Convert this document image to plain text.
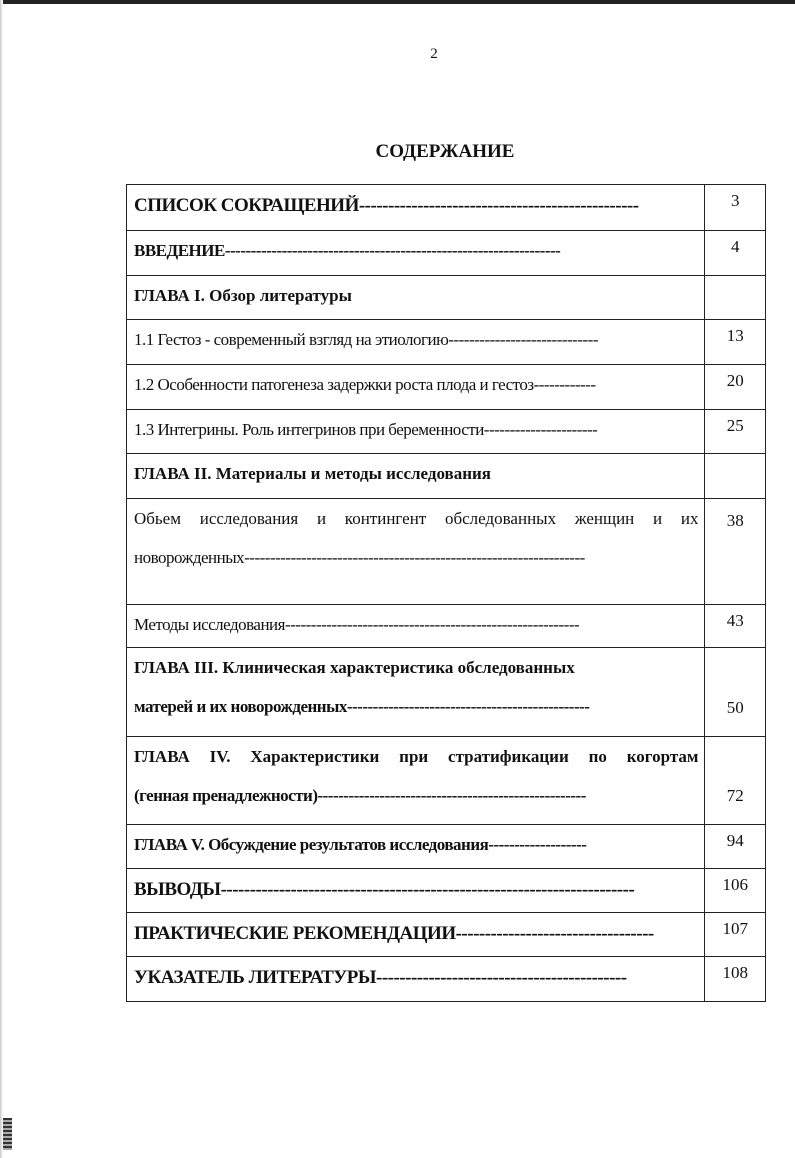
2
СОДЕРЖАНИЕ
СПИСОК СОКРАЩЕНИЙ------------------------------------------------	3

ВВЕДЕНИЕ-----------------------------------------------------------------	4

ГЛАВА I. Обзор литературы	

1.1 Гестоз - современный взгляд на этиологию-----------------------------	13

1.2 Особенности патогенеза задержки роста плода и гестоз------------	20

1.3 Интегрины. Роль интегринов при беременности----------------------	25

ГЛАВА II. Материалы и методы исследования	

Обьем исследования и контингент обследованных женщин и их
новорожденных------------------------------------------------------------------	38

Методы исследования---------------------------------------------------------	43

ГЛАВА III. Клиническая характеристика обследованных
матерей и их новорожденных-----------------------------------------------	50

ГЛАВА IV. Характеристики при стратификации по когортам
(генная пренадлежности)----------------------------------------------------	72

ГЛАВА V. Обсуждение результатов исследования-------------------	94

ВЫВОДЫ-----------------------------------------------------------------------	106

ПРАКТИЧЕСКИЕ РЕКОМЕНДАЦИИ----------------------------------	107

УКАЗАТЕЛЬ ЛИТЕРАТУРЫ-------------------------------------------	108
